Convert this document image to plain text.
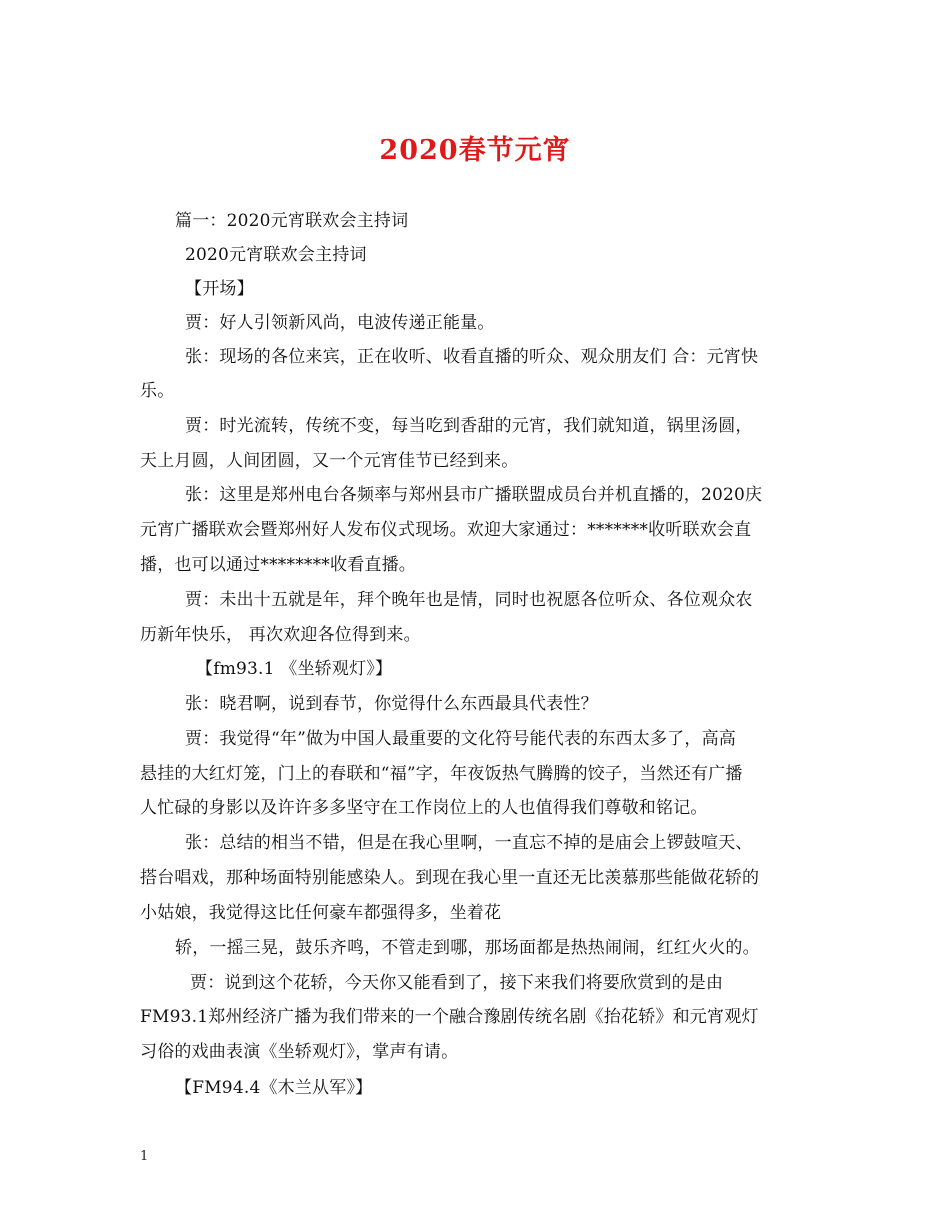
2020春节元宵
篇一：2020元宵联欢会主持词
2020元宵联欢会主持词
【开场】
贾：好人引领新风尚，电波传递正能量。
张：现场的各位来宾，正在收听、收看直播的听众、观众朋友们 合：元宵快
乐。
贾：时光流转，传统不变，每当吃到香甜的元宵，我们就知道，锅里汤圆，
天上月圆，人间团圆，又一个元宵佳节已经到来。
张：这里是郑州电台各频率与郑州县市广播联盟成员台并机直播的，2020庆
元宵广播联欢会暨郑州好人发布仪式现场。欢迎大家通过：*******收听联欢会直
播，也可以通过********收看直播。
贾：未出十五就是年，拜个晚年也是情，同时也祝愿各位听众、各位观众农
历新年快乐， 再次欢迎各位得到来。
【fm93.1 《坐轿观灯》】
张：晓君啊，说到春节，你觉得什么东西最具代表性？
贾：我觉得“年”做为中国人最重要的文化符号能代表的东西太多了，高高
悬挂的大红灯笼，门上的春联和“福”字，年夜饭热气腾腾的饺子，当然还有广播
人忙碌的身影以及许许多多坚守在工作岗位上的人也值得我们尊敬和铭记。
张：总结的相当不错，但是在我心里啊，一直忘不掉的是庙会上锣鼓喧天、
搭台唱戏，那种场面特别能感染人。到现在我心里一直还无比羡慕那些能做花轿的
小姑娘，我觉得这比任何豪车都强得多，坐着花
轿，一摇三晃，鼓乐齐鸣，不管走到哪，那场面都是热热闹闹，红红火火的。
贾：说到这个花轿，今天你又能看到了，接下来我们将要欣赏到的是由
FM93.1郑州经济广播为我们带来的一个融合豫剧传统名剧《抬花轿》和元宵观灯
习俗的戏曲表演《坐轿观灯》，掌声有请。
【FM94.4《木兰从军》】
1
